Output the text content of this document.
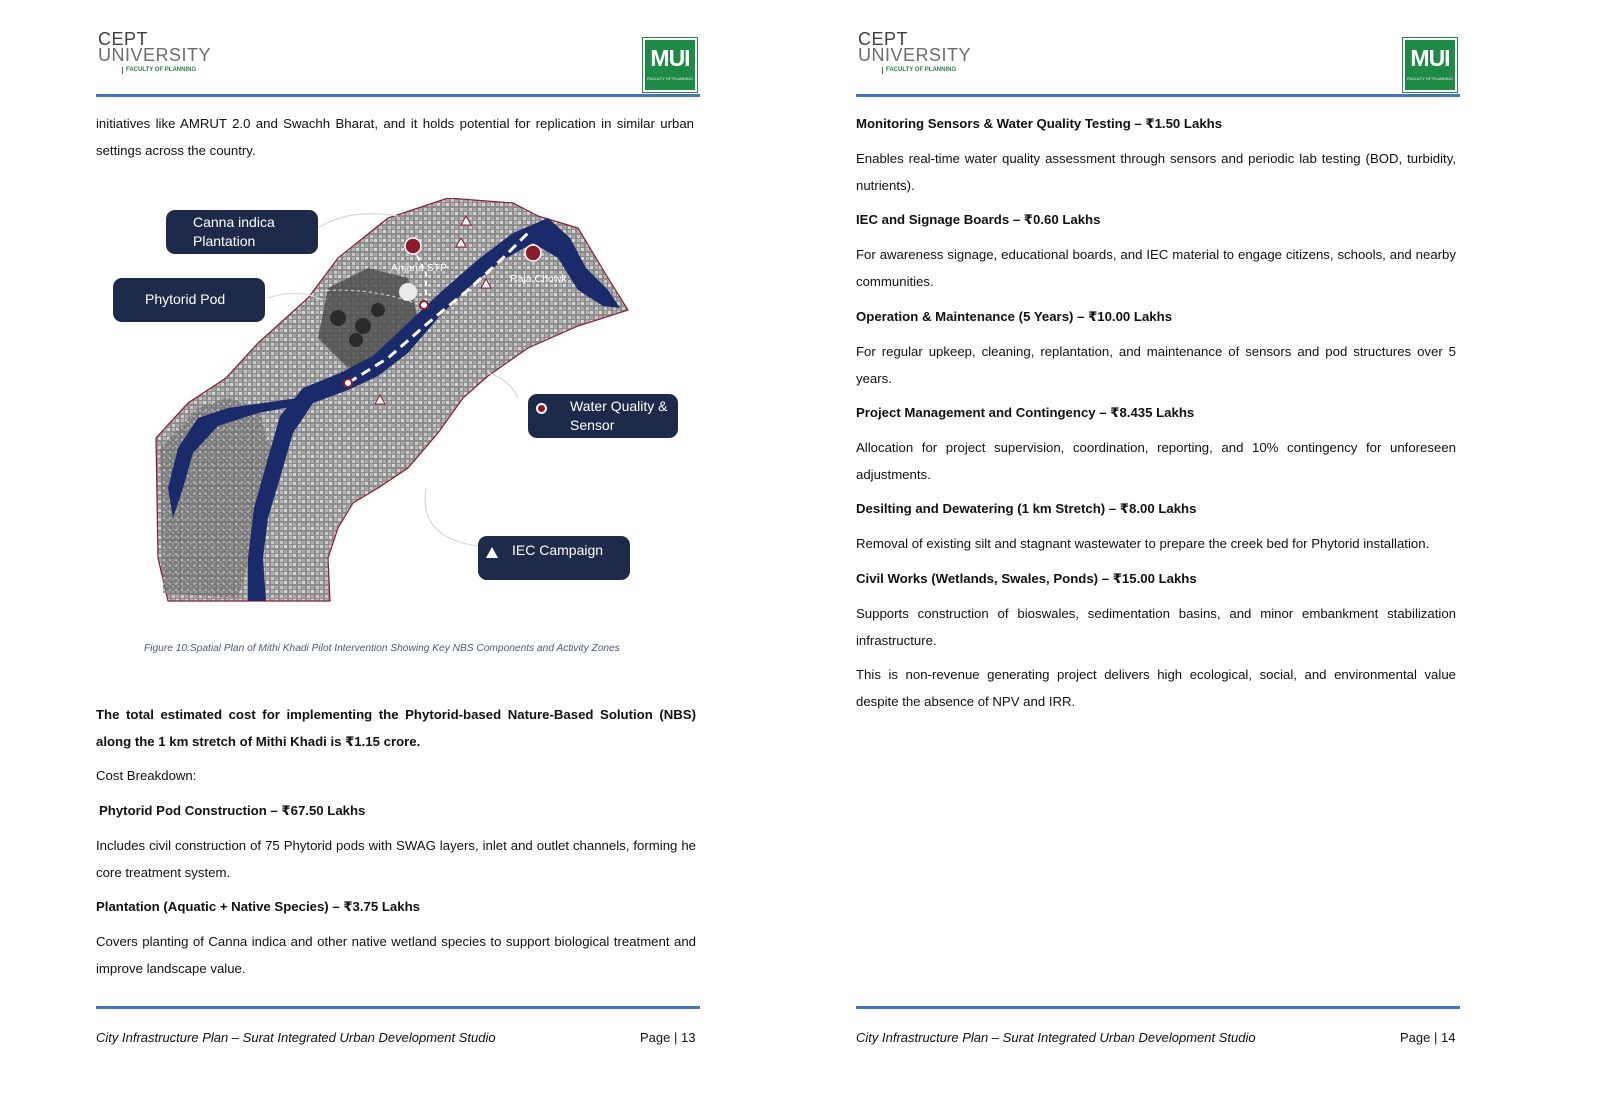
CEPT
UNIVERSITY
FACULTY OF PLANNING	MUI
FACULTY OF PLANNING
initiatives like AMRUT 2.0 and Swachh Bharat, and it holds potential for replication in similar urban settings across the country.
Anjana STP
Raja Chowk
Canna indica Plantation
Phytorid Pod
Water Quality & Sensor
IEC Campaign
Figure 10:Spatial Plan of Mithi Khadi Pilot Intervention Showing Key NBS Components and Activity Zones
The total estimated cost for implementing the Phytorid-based Nature-Based Solution (NBS) along the 1 km stretch of Mithi Khadi is ₹1.15 crore.
Cost Breakdown:
Phytorid Pod Construction – ₹67.50 Lakhs
Includes civil construction of 75 Phytorid pods with SWAG layers, inlet and outlet channels, forming he core treatment system.
Plantation (Aquatic + Native Species) – ₹3.75 Lakhs
Covers planting of Canna indica and other native wetland species to support biological treatment and improve landscape value.
City Infrastructure Plan – Surat Integrated Urban Development Studio	Page | 13
CEPT
UNIVERSITY
FACULTY OF PLANNING	MUI
FACULTY OF PLANNING
Monitoring Sensors & Water Quality Testing – ₹1.50 Lakhs
Enables real-time water quality assessment through sensors and periodic lab testing (BOD, turbidity, nutrients).
IEC and Signage Boards – ₹0.60 Lakhs
For awareness signage, educational boards, and IEC material to engage citizens, schools, and nearby communities.
Operation & Maintenance (5 Years) – ₹10.00 Lakhs
For regular upkeep, cleaning, replantation, and maintenance of sensors and pod structures over 5 years.
Project Management and Contingency – ₹8.435 Lakhs
Allocation for project supervision, coordination, reporting, and 10% contingency for unforeseen adjustments.
Desilting and Dewatering (1 km Stretch) – ₹8.00 Lakhs
Removal of existing silt and stagnant wastewater to prepare the creek bed for Phytorid installation.
Civil Works (Wetlands, Swales, Ponds) – ₹15.00 Lakhs
Supports construction of bioswales, sedimentation basins, and minor embankment stabilization infrastructure.
This is non-revenue generating project delivers high ecological, social, and environmental value despite the absence of NPV and IRR.
City Infrastructure Plan – Surat Integrated Urban Development Studio	Page | 14
